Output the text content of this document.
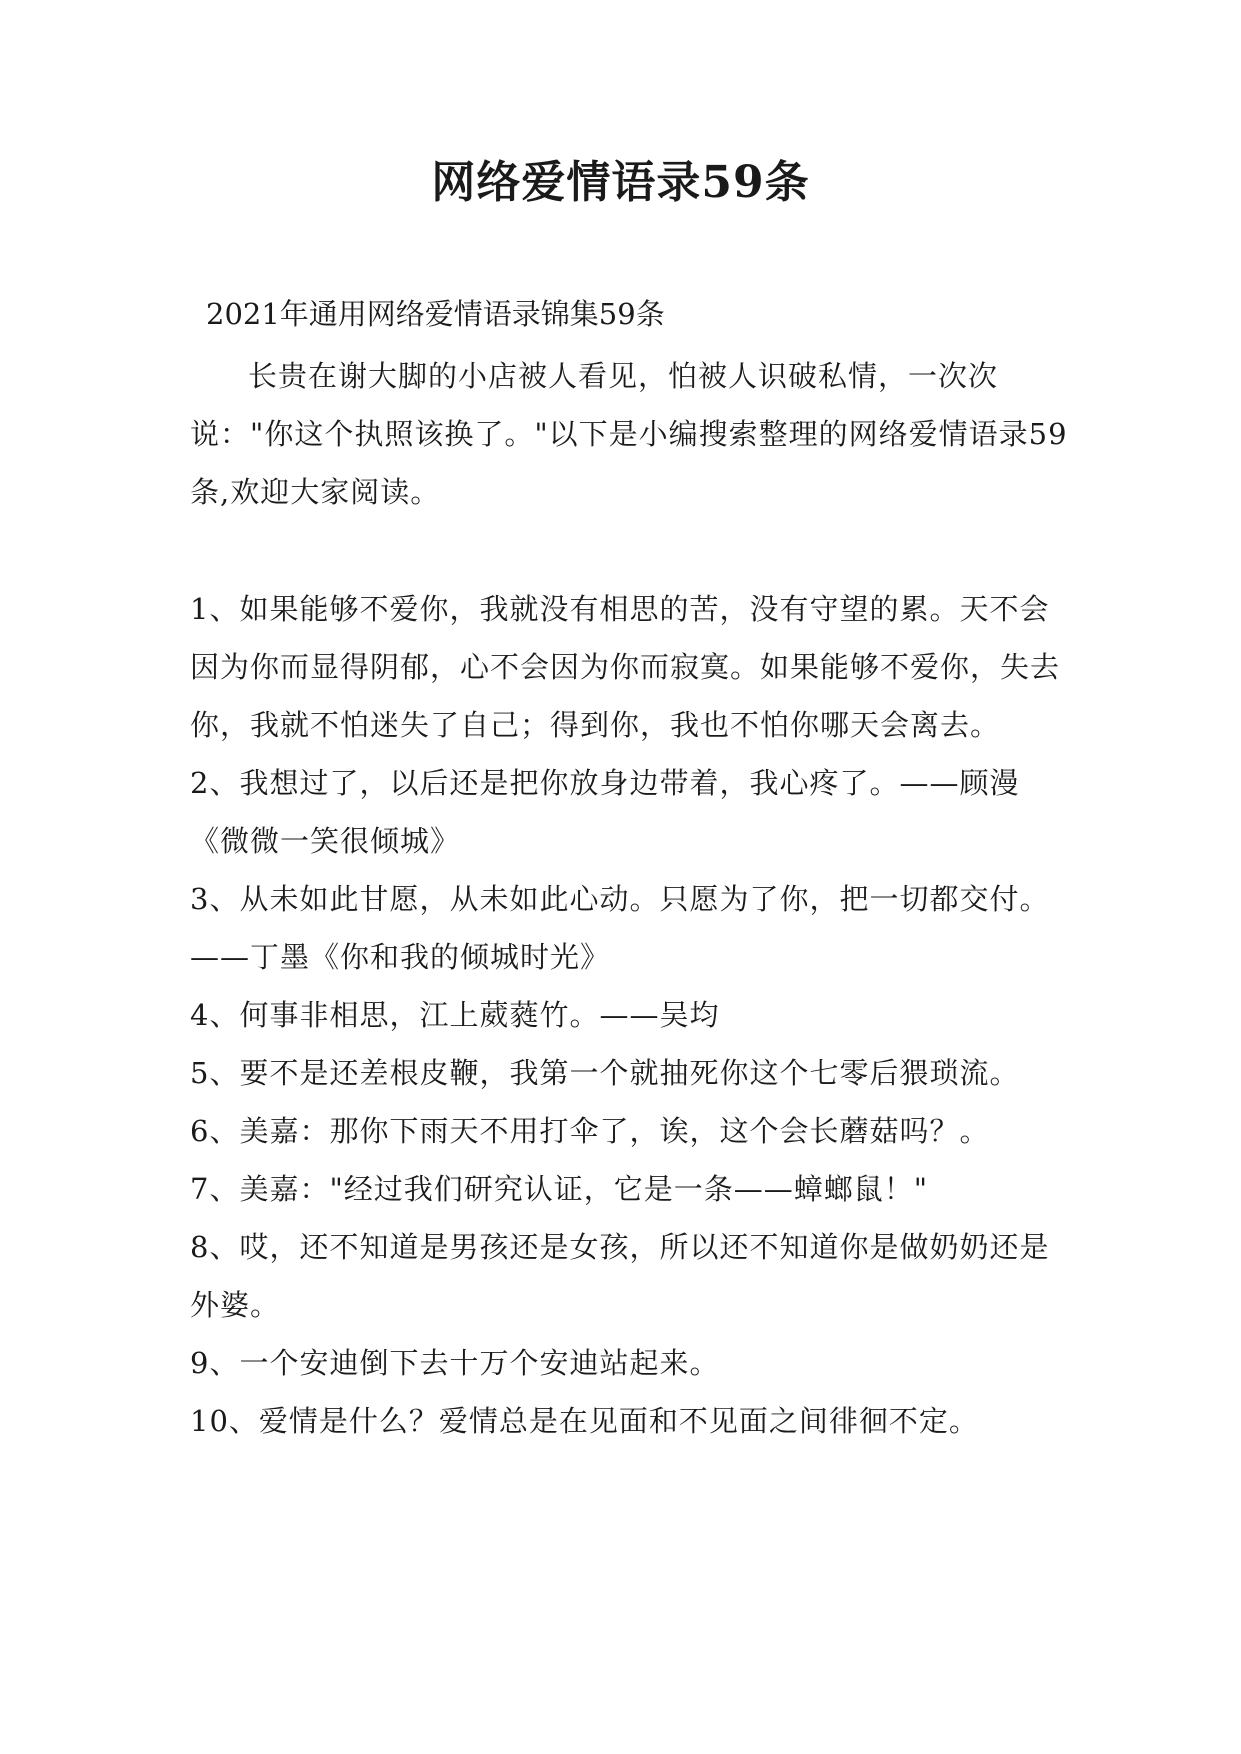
网络爱情语录59条
2021年通用网络爱情语录锦集59条

长贵在谢大脚的小店被人看见，怕被人识破私情，一次次说："你这个执照该换了。"以下是小编搜索整理的网络爱情语录59条,欢迎大家阅读。

1、如果能够不爱你，我就没有相思的苦，没有守望的累。天不会因为你而显得阴郁，心不会因为你而寂寞。如果能够不爱你，失去你，我就不怕迷失了自己；得到你，我也不怕你哪天会离去。

2、我想过了，以后还是把你放身边带着，我心疼了。——顾漫《微微一笑很倾城》

3、从未如此甘愿，从未如此心动。只愿为了你，把一切都交付。——丁墨《你和我的倾城时光》

4、何事非相思，江上葳蕤竹。——吴均

5、要不是还差根皮鞭，我第一个就抽死你这个七零后猥琐流。

6、美嘉：那你下雨天不用打伞了，诶，这个会长蘑菇吗？。

7、美嘉："经过我们研究认证，它是一条——蟑螂鼠！"

8、哎，还不知道是男孩还是女孩，所以还不知道你是做奶奶还是外婆。

9、一个安迪倒下去十万个安迪站起来。

10、爱情是什么？爱情总是在见面和不见面之间徘徊不定。
